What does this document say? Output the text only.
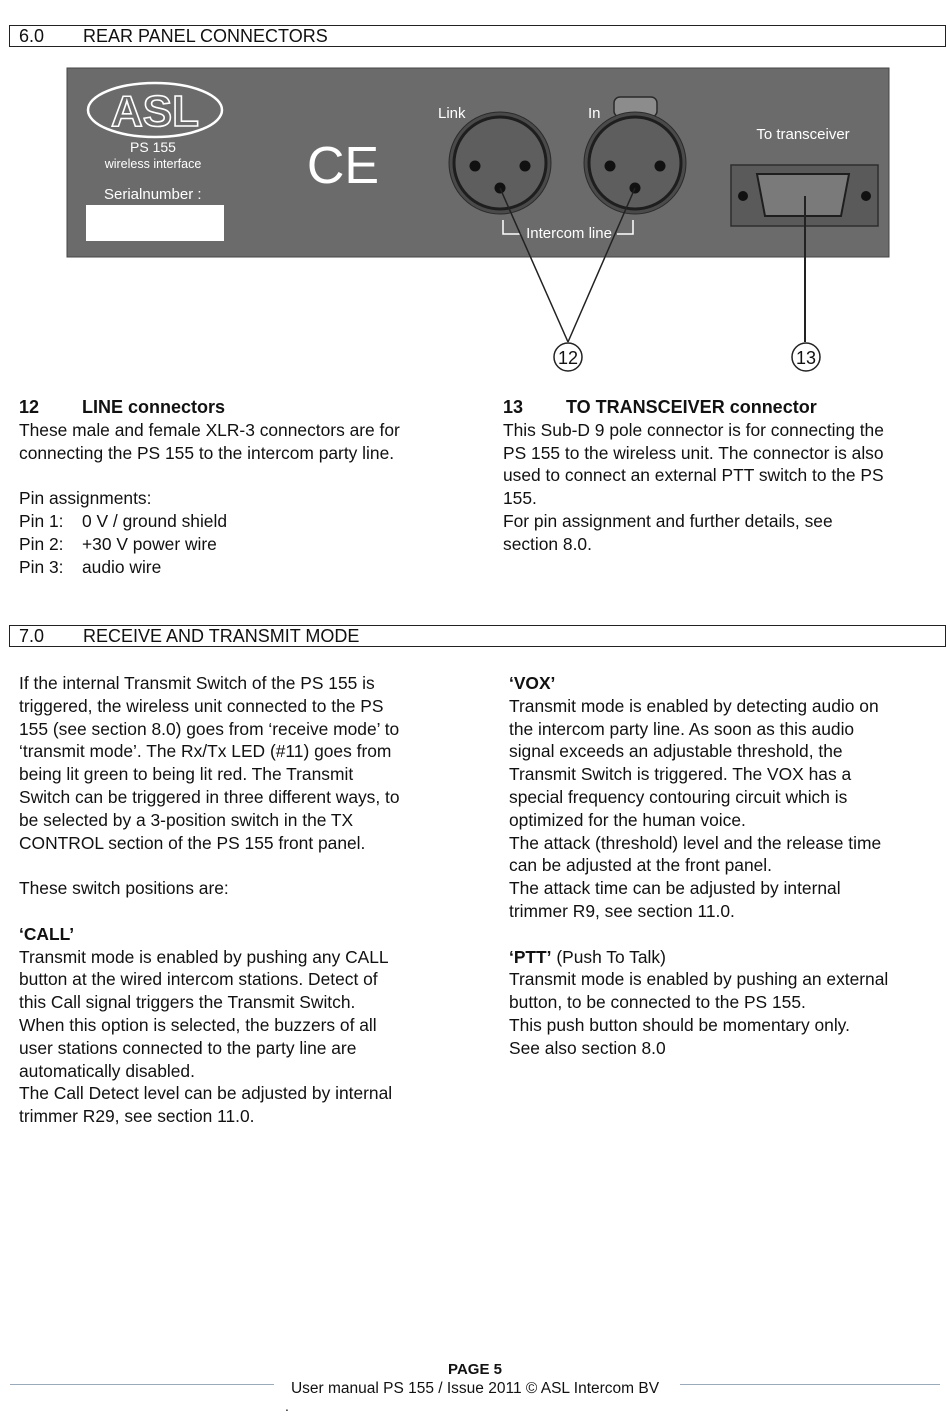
6.0 REAR PANEL CONNECTORS
ASL
PS 155
wireless interface
Serialnumber : CE
Link	In
Intercom line
To transceiver
12	13
12 LINE connectors

These male and female XLR-3 connectors are for

connecting the PS 155 to the intercom party line.

Pin assignments:

Pin 1: 0 V / ground shield

Pin 2: +30 V power wire

Pin 3: audio wire

13 TO TRANSCEIVER connector

This Sub-D 9 pole connector is for connecting the

PS 155 to the wireless unit. The connector is also

used to connect an external PTT switch to the PS

155.

For pin assignment and further details, see

section 8.0.

7.0 RECEIVE AND TRANSMIT MODE

If the internal Transmit Switch of the PS 155 is

triggered, the wireless unit connected to the PS

155 (see section 8.0) goes from ‘receive mode’ to

‘transmit mode’. The Rx/Tx LED (#11) goes from

being lit green to being lit red. The Transmit

Switch can be triggered in three different ways, to

be selected by a 3-position switch in the TX

CONTROL section of the PS 155 front panel.

These switch positions are:

‘CALL’

Transmit mode is enabled by pushing any CALL

button at the wired intercom stations. Detect of

this Call signal triggers the Transmit Switch.

When this option is selected, the buzzers of all

user stations connected to the party line are

automatically disabled.

The Call Detect level can be adjusted by internal

trimmer R29, see section 11.0.

‘VOX’

Transmit mode is enabled by detecting audio on

the intercom party line. As soon as this audio

signal exceeds an adjustable threshold, the

Transmit Switch is triggered. The VOX has a

special frequency contouring circuit which is

optimized for the human voice.

The attack (threshold) level and the release time

can be adjusted at the front panel.

The attack time can be adjusted by internal

trimmer R9, see section 11.0.

‘PTT’ (Push To Talk)

Transmit mode is enabled by pushing an external

button, to be connected to the PS 155.

This push button should be momentary only.

See also section 8.0

PAGE 5
User manual PS 155 / Issue 2011 © ASL Intercom BV
.
